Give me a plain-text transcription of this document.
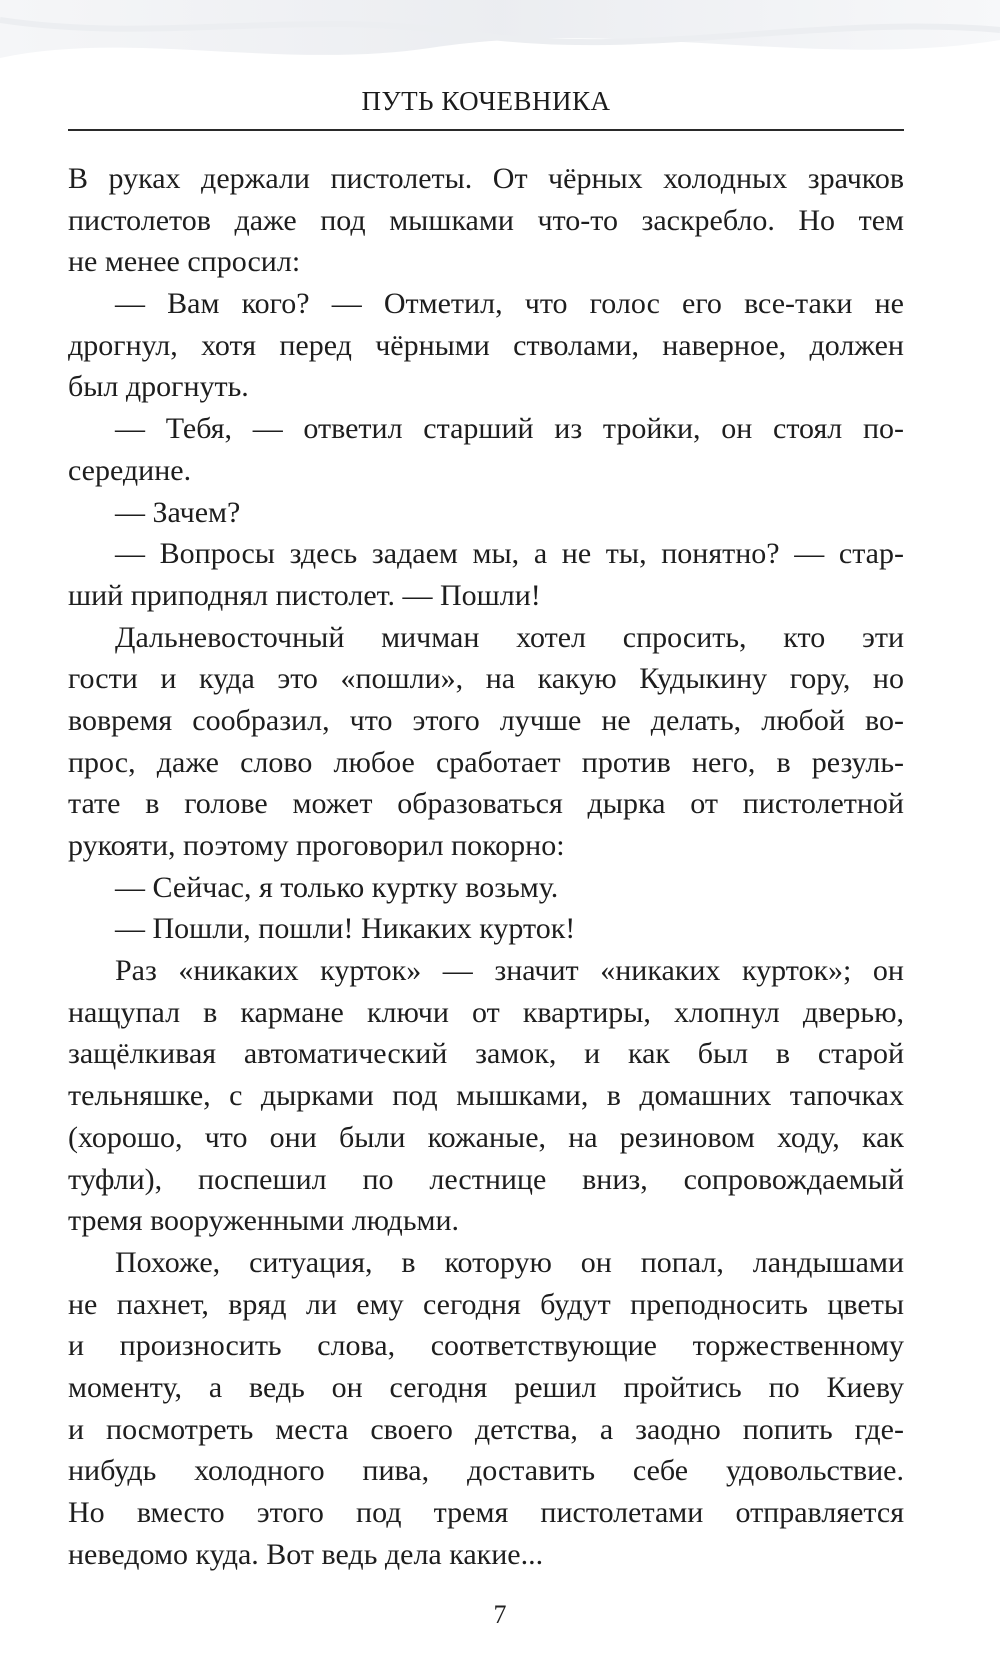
ПУТЬ КОЧЕВНИКА
В руках держали пистолеты. От чёрных холодных зрачков
пистолетов даже под мышками что-то заскребло. Но тем
не менее спросил:
— Вам кого? — Отметил, что голос его все-таки не
дрогнул, хотя перед чёрными стволами, наверное, должен
был дрогнуть.
— Тебя, — ответил старший из тройки, он стоял по-
середине.
— Зачем?
— Вопросы здесь задаем мы, а не ты, понятно? — стар-
ший приподнял пистолет. — Пошли!
Дальневосточный мичман хотел спросить, кто эти
гости и куда это «пошли», на какую Кудыкину гору, но
вовремя сообразил, что этого лучше не делать, любой во-
прос, даже слово любое сработает против него, в резуль-
тате в голове может образоваться дырка от пистолетной
рукояти, поэтому проговорил покорно:
— Сейчас, я только куртку возьму.
— Пошли, пошли! Никаких курток!
Раз «никаких курток» — значит «никаких курток»; он
нащупал в кармане ключи от квартиры, хлопнул дверью,
защёлкивая автоматический замок, и как был в старой
тельняшке, с дырками под мышками, в домашних тапочках
(хорошо, что они были кожаные, на резиновом ходу, как
туфли), поспешил по лестнице вниз, сопровождаемый
тремя вооруженными людьми.
Похоже, ситуация, в которую он попал, ландышами
не пахнет, вряд ли ему сегодня будут преподносить цветы
и произносить слова, соответствующие торжественному
моменту, а ведь он сегодня решил пройтись по Киеву
и посмотреть места своего детства, а заодно попить где-
нибудь холодного пива, доставить себе удовольствие.
Но вместо этого под тремя пистолетами отправляется
неведомо куда. Вот ведь дела какие...
7
